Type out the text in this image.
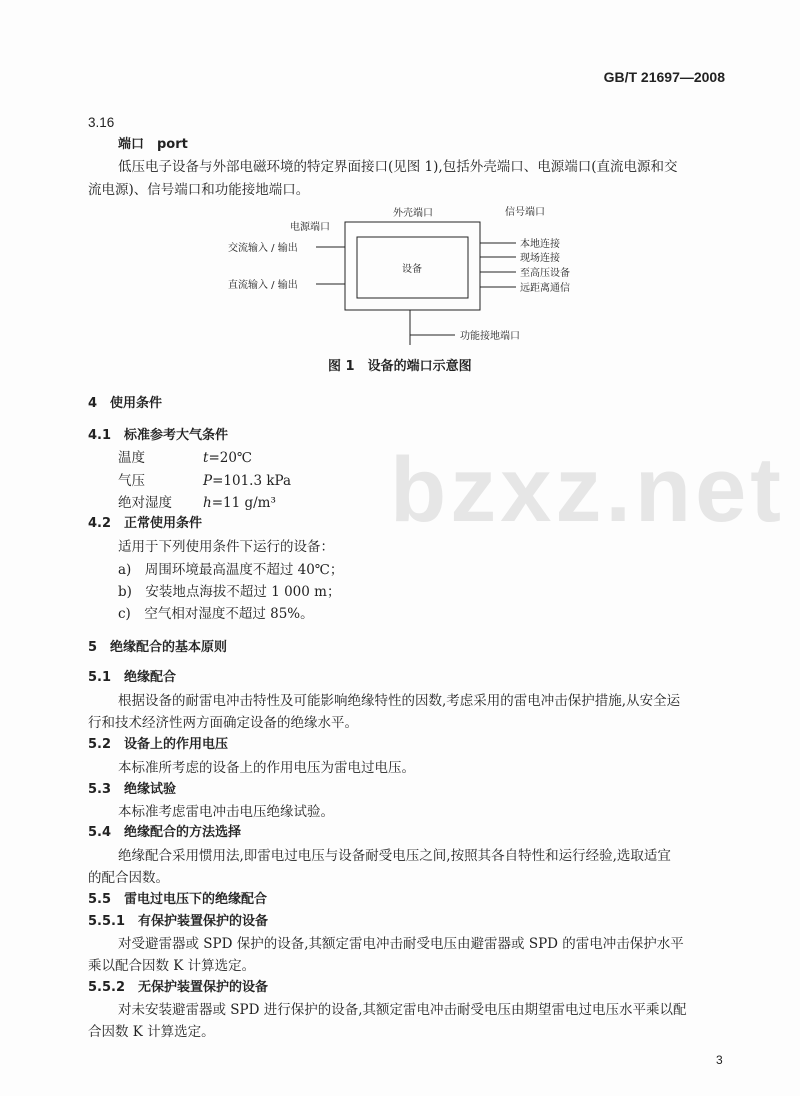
bzxz.net
GB/T 21697—2008
3.16
端口　port
低压电子设备与外部电磁环境的特定界面接口(见图 1),包括外壳端口、电源端口(直流电源和交
流电源)、信号端口和功能接地端口。
外壳端口	信号端口
电源端口
交流输入 / 输出
直流输入 / 输出
设备
本地连接
现场连接
至高压设备
远距离通信
功能接地端口
图 1　设备的端口示意图
4　使用条件
4.1　标准参考大气条件
温度	t=20℃
气压	P=101.3 kPa
绝对湿度 h=11 g/m³
4.2　正常使用条件
适用于下列使用条件下运行的设备：
a)　周围环境最高温度不超过 40℃；
b)　安装地点海拔不超过 1 000 m；
c)　空气相对湿度不超过 85%。
5　绝缘配合的基本原则
5.1　绝缘配合
根据设备的耐雷电冲击特性及可能影响绝缘特性的因数,考虑采用的雷电冲击保护措施,从安全运
行和技术经济性两方面确定设备的绝缘水平。
5.2　设备上的作用电压
本标准所考虑的设备上的作用电压为雷电过电压。
5.3　绝缘试验
本标准考虑雷电冲击电压绝缘试验。
5.4　绝缘配合的方法选择
绝缘配合采用惯用法,即雷电过电压与设备耐受电压之间,按照其各自特性和运行经验,选取适宜
的配合因数。
5.5　雷电过电压下的绝缘配合
5.5.1　有保护装置保护的设备
对受避雷器或 SPD 保护的设备,其额定雷电冲击耐受电压由避雷器或 SPD 的雷电冲击保护水平
乘以配合因数 K 计算选定。
5.5.2　无保护装置保护的设备
对未安装避雷器或 SPD 进行保护的设备,其额定雷电冲击耐受电压由期望雷电过电压水平乘以配
合因数 K 计算选定。
3
